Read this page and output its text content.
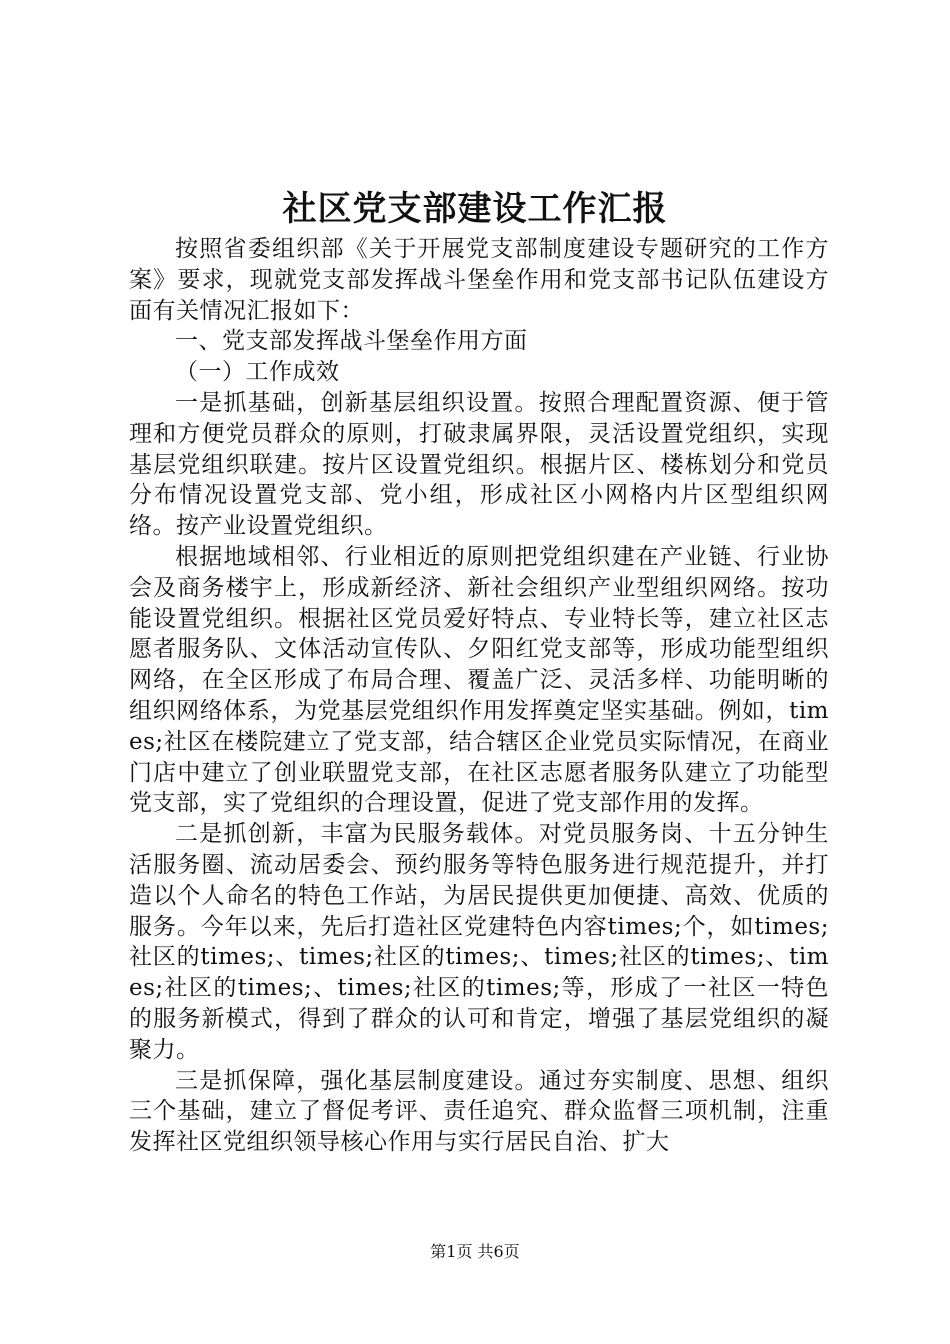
社区党支部建设工作汇报

按照省委组织部《关于开展党支部制度建设专题研究的工作方案》要求，现就党支部发挥战斗堡垒作用和党支部书记队伍建设方面有关情况汇报如下：

一、党支部发挥战斗堡垒作用方面

（一）工作成效

一是抓基础，创新基层组织设置。按照合理配置资源、便于管理和方便党员群众的原则，打破隶属界限，灵活设置党组织，实现基层党组织联建。按片区设置党组织。根据片区、楼栋划分和党员分布情况设置党支部、党小组，形成社区小网格内片区型组织网络。按产业设置党组织。

根据地域相邻、行业相近的原则把党组织建在产业链、行业协会及商务楼宇上，形成新经济、新社会组织产业型组织网络。按功能设置党组织。根据社区党员爱好特点、专业特长等，建立社区志愿者服务队、文体活动宣传队、夕阳红党支部等，形成功能型组织网络，在全区形成了布局合理、覆盖广泛、灵活多样、功能明晰的组织网络体系，为党基层党组织作用发挥奠定坚实基础。例如，times;社区在楼院建立了党支部，结合辖区企业党员实际情况，在商业门店中建立了创业联盟党支部，在社区志愿者服务队建立了功能型党支部，实了党组织的合理设置，促进了党支部作用的发挥。

二是抓创新，丰富为民服务载体。对党员服务岗、十五分钟生活服务圈、流动居委会、预约服务等特色服务进行规范提升，并打造以个人命名的特色工作站，为居民提供更加便捷、高效、优质的服务。今年以来，先后打造社区党建特色内容times;个，如times;社区的times;、times;社区的times;、times;社区的times;、times;社区的times;、times;社区的times;等，形成了一社区一特色的服务新模式，得到了群众的认可和肯定，增强了基层党组织的凝聚力。

三是抓保障，强化基层制度建设。通过夯实制度、思想、组织三个基础，建立了督促考评、责任追究、群众监督三项机制，注重发挥社区党组织领导核心作用与实行居民自治、扩大

第1页 共6页
